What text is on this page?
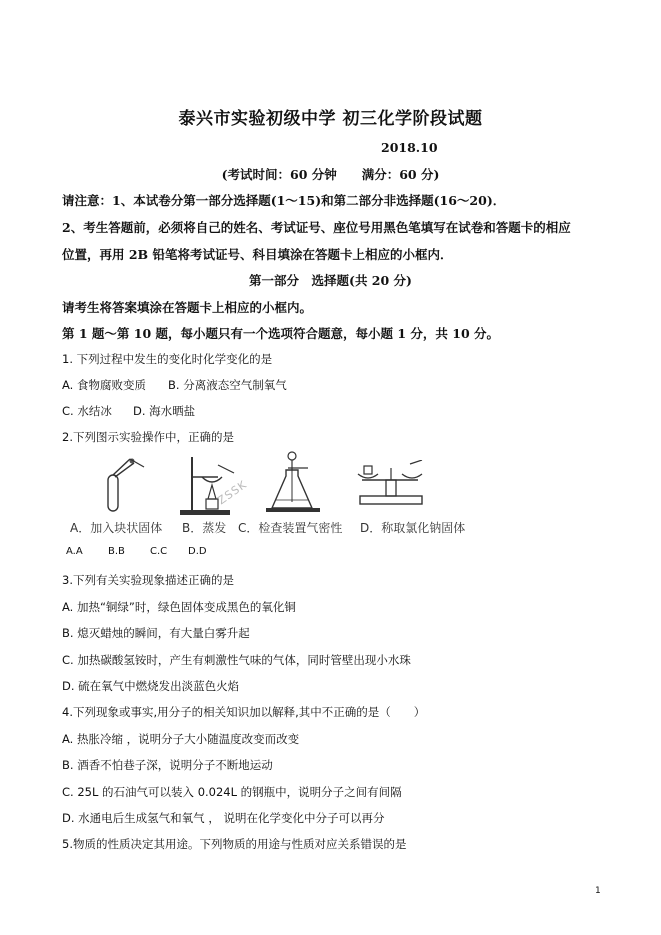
泰兴市实验初级中学 初三化学阶段试题
2018.10
(考试时间：60 分钟　　满分：60 分)
请注意：1、本试卷分第一部分选择题(1～15)和第二部分非选择题(16～20)．
2、考生答题前，必须将自己的姓名、考试证号、座位号用黑色笔填写在试卷和答题卡的相应
位置，再用 2B 铅笔将考试证号、科目填涂在答题卡上相应的小框内．
第一部分　选择题(共 20 分)
请考生将答案填涂在答题卡上相应的小框内。
第 1 题～第 10 题，每小题只有一个选项符合题意，每小题 1 分，共 10 分。
1. 下列过程中发生的变化时化学变化的是
A. 食物腐败变质 B. 分离液态空气制氧气
C. 水结冰 D. 海水晒盐
2.下列图示实验操作中，正确的是
ZSSK
A．加入块状固体 B．蒸发 C．检查装置气密性 D．称取氯化钠固体
A.A	B.B	C.C D.D
3.下列有关实验现象描述正确的是
A. 加热“铜绿”时，绿色固体变成黑色的氧化铜
B. 熄灭蜡烛的瞬间，有大量白雾升起
C. 加热碳酸氢铵时，产生有刺激性气味的气体，同时管壁出现小水珠
D. 硫在氧气中燃烧发出淡蓝色火焰
4.下列现象或事实,用分子的相关知识加以解释,其中不正确的是（　　）
A. 热胀冷缩 ，说明分子大小随温度改变而改变
B. 酒香不怕巷子深，说明分子不断地运动
C. 25L 的石油气可以装入 0.024L 的钢瓶中，说明分子之间有间隔
D. 水通电后生成氢气和氧气 ， 说明在化学变化中分子可以再分
5.物质的性质决定其用途。下列物质的用途与性质对应关系错误的是
1
